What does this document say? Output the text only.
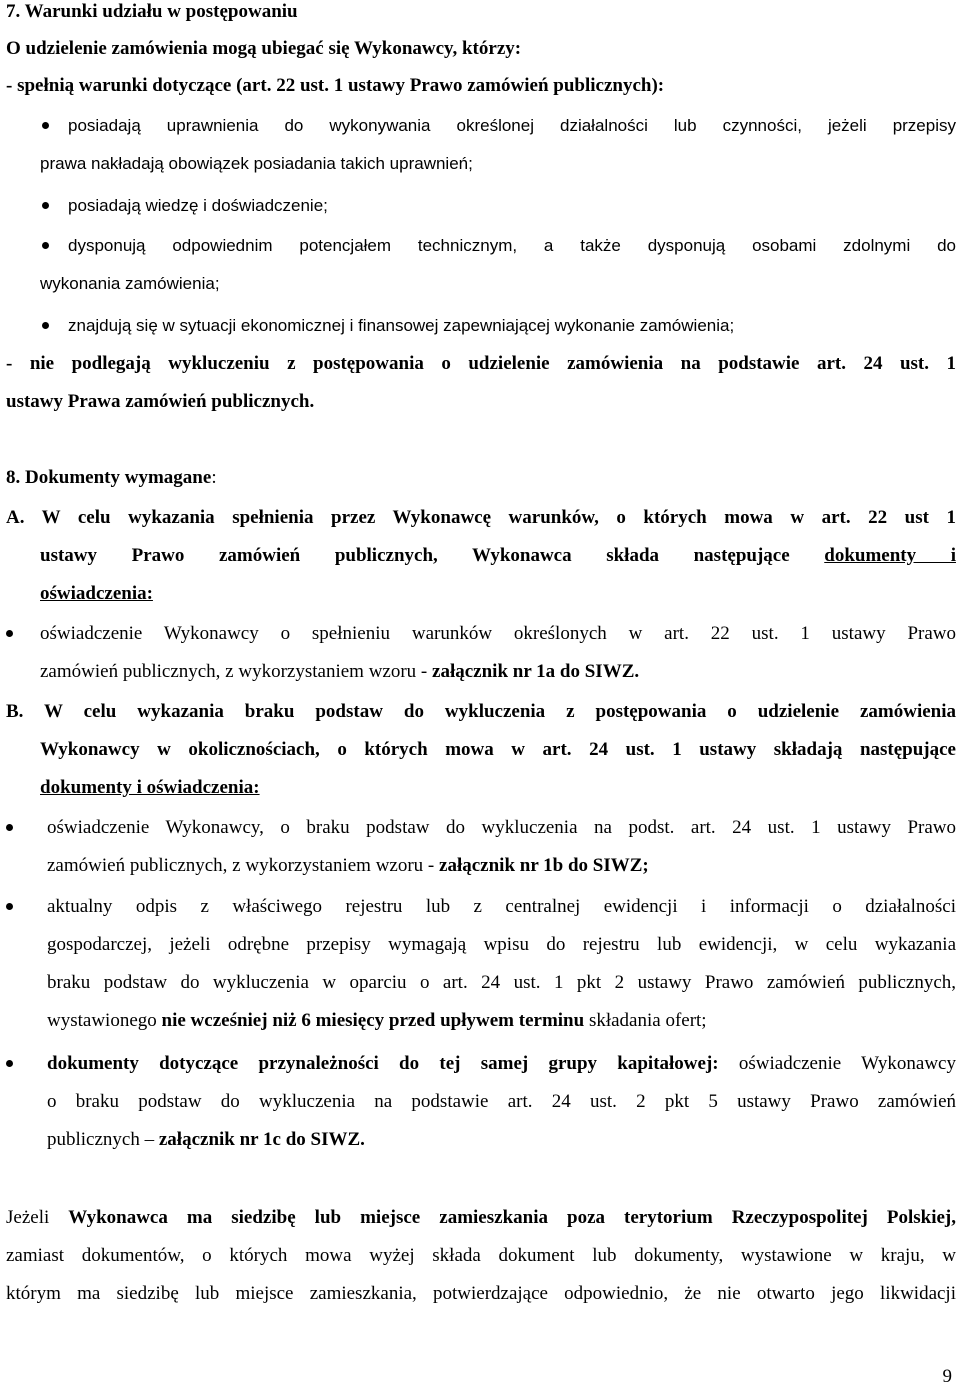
7. Warunki udziału w postępowaniu
O udzielenie zamówienia mogą ubiegać się Wykonawcy, którzy:
- spełnią warunki dotyczące (art. 22 ust. 1 ustawy Prawo zamówień publicznych):
posiadają uprawnienia do wykonywania określonej działalności lub czynności, jeżeli przepisy
prawa nakładają obowiązek posiadania takich uprawnień;
posiadają wiedzę i doświadczenie;
dysponują odpowiednim potencjałem technicznym, a także dysponują osobami zdolnymi do
wykonania zamówienia;
znajdują się w sytuacji ekonomicznej i finansowej zapewniającej wykonanie zamówienia;
- nie podlegają wykluczeniu z postępowania o udzielenie zamówienia na podstawie art. 24 ust. 1
ustawy Prawa zamówień publicznych.
8. Dokumenty wymagane:
A. W celu wykazania spełnienia przez Wykonawcę warunków, o których mowa w art. 22 ust 1
ustawy Prawo zamówień publicznych, Wykonawca składa następujące dokumenty i
oświadczenia:
oświadczenie Wykonawcy o spełnieniu warunków określonych w art. 22 ust. 1 ustawy Prawo
zamówień publicznych, z wykorzystaniem wzoru - załącznik nr 1a do SIWZ.
B. W celu wykazania braku podstaw do wykluczenia z postępowania o udzielenie zamówienia
Wykonawcy w okolicznościach, o których mowa w art. 24 ust. 1 ustawy składają następujące
dokumenty i oświadczenia:
oświadczenie Wykonawcy, o braku podstaw do wykluczenia na podst. art. 24 ust. 1 ustawy Prawo
zamówień publicznych, z wykorzystaniem wzoru - załącznik nr 1b do SIWZ;
aktualny odpis z właściwego rejestru lub z centralnej ewidencji i informacji o działalności
gospodarczej, jeżeli odrębne przepisy wymagają wpisu do rejestru lub ewidencji, w celu wykazania
braku podstaw do wykluczenia w oparciu o art. 24 ust. 1 pkt 2 ustawy Prawo zamówień publicznych,
wystawionego nie wcześniej niż 6 miesięcy przed upływem terminu składania ofert;
dokumenty dotyczące przynależności do tej samej grupy kapitałowej: oświadczenie Wykonawcy
o braku podstaw do wykluczenia na podstawie art. 24 ust. 2 pkt 5 ustawy Prawo zamówień
publicznych – załącznik nr 1c do SIWZ.
Jeżeli Wykonawca ma siedzibę lub miejsce zamieszkania poza terytorium Rzeczypospolitej Polskiej,
zamiast dokumentów, o których mowa wyżej składa dokument lub dokumenty, wystawione w kraju, w
którym ma siedzibę lub miejsce zamieszkania, potwierdzające odpowiednio, że nie otwarto jego likwidacji
9
